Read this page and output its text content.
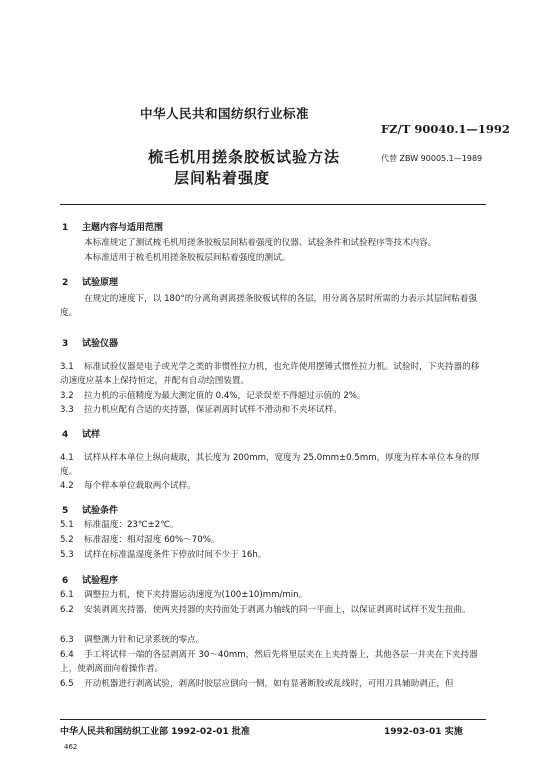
中华人民共和国纺织行业标准
FZ/T 90040.1—1992
梳毛机用搓条胶板试验方法
层间粘着强度
代替 ZBW 90005.1—1989
1 主题内容与适用范围
本标准规定了测试梳毛机用搓条胶板层间粘着强度的仪器、试验条件和试验程序等技术内容。
本标准适用于梳毛机用搓条胶板层间粘着强度的测试。
2 试验原理
在规定的速度下，以 180°的分离角剥离搓条胶板试样的各层，用分离各层时所需的力表示其层间粘着强度。
3 试验仪器
3.1 标准试验仪器是电子或光学之类的非惯性拉力机，也允许使用摆锤式惯性拉力机。试验时，下夹持器的移动速度应基本上保持恒定，并配有自动绘图装置。
3.2 拉力机的示值精度为最大测定值的 0.4%，记录误差不得超过示值的 2%。
3.3 拉力机应配有合适的夹持器，保证剥离时试样不滑动和不夹坏试样。
4 试样
4.1 试样从样本单位上纵向裁取，其长度为 200mm，宽度为 25.0mm±0.5mm，厚度为样本单位本身的厚度。
4.2 每个样本单位裁取两个试样。
5 试验条件
5.1 标准温度：23℃±2℃。
5.2 标准湿度：相对湿度 60%～70%。
5.3 试样在标准温湿度条件下停放时间不少于 16h。
6 试验程序
6.1 调整拉力机，使下夹持器运动速度为(100±10)mm/min。
6.2 安装剥离夹持器，使两夹持器的夹持面处于剥离力轴线的同一平面上，以保证剥离时试样不发生扭曲。
6.3 调整测力针和记录系统的零点。
6.4 手工将试样一端的各层剥离开 30～40mm，然后先将里层夹在上夹持器上，其他各层一并夹在下夹持器上，使剥离面向着操作者。
6.5 开动机器进行剥离试验，剥离时胶层应倒向一侧，如有显著断胶或乱线时，可用刀具辅助剥正，但
中华人民共和国纺织工业部 1992-02-01 批准	1992-03-01 实施
462
